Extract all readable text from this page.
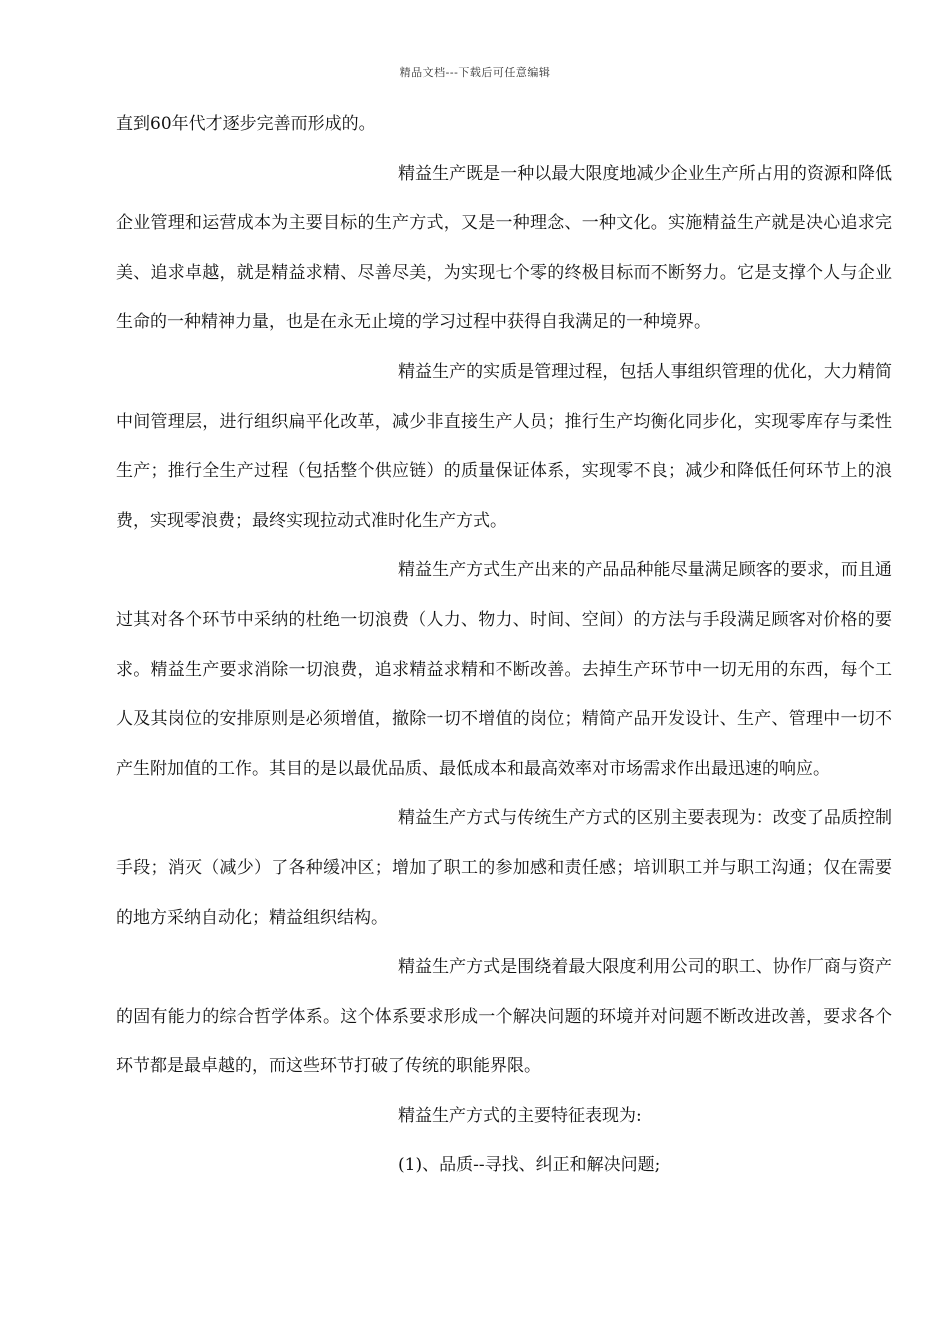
精品文档---下载后可任意编辑

直到60年代才逐步完善而形成的。

精益生产既是一种以最大限度地减少企业生产所占用的资源和降低企业管理和运营成本为主要目标的生产方式，又是一种理念、一种文化。实施精益生产就是决心追求完美、追求卓越，就是精益求精、尽善尽美，为实现七个零的终极目标而不断努力。它是支撑个人与企业生命的一种精神力量，也是在永无止境的学习过程中获得自我满足的一种境界。

精益生产的实质是管理过程，包括人事组织管理的优化，大力精简中间管理层，进行组织扁平化改革，减少非直接生产人员；推行生产均衡化同步化，实现零库存与柔性生产；推行全生产过程（包括整个供应链）的质量保证体系，实现零不良；减少和降低任何环节上的浪费，实现零浪费；最终实现拉动式准时化生产方式。

精益生产方式生产出来的产品品种能尽量满足顾客的要求，而且通过其对各个环节中采纳的杜绝一切浪费（人力、物力、时间、空间）的方法与手段满足顾客对价格的要求。精益生产要求消除一切浪费，追求精益求精和不断改善。去掉生产环节中一切无用的东西，每个工人及其岗位的安排原则是必须增值，撤除一切不增值的岗位；精简产品开发设计、生产、管理中一切不产生附加值的工作。其目的是以最优品质、最低成本和最高效率对市场需求作出最迅速的响应。

精益生产方式与传统生产方式的区别主要表现为：改变了品质控制手段；消灭（减少）了各种缓冲区；增加了职工的参加感和责任感；培训职工并与职工沟通；仅在需要的地方采纳自动化；精益组织结构。

精益生产方式是围绕着最大限度利用公司的职工、协作厂商与资产的固有能力的综合哲学体系。这个体系要求形成一个解决问题的环境并对问题不断改进改善，要求各个环节都是最卓越的，而这些环节打破了传统的职能界限。

精益生产方式的主要特征表现为:

(1)、品质--寻找、纠正和解决问题;
